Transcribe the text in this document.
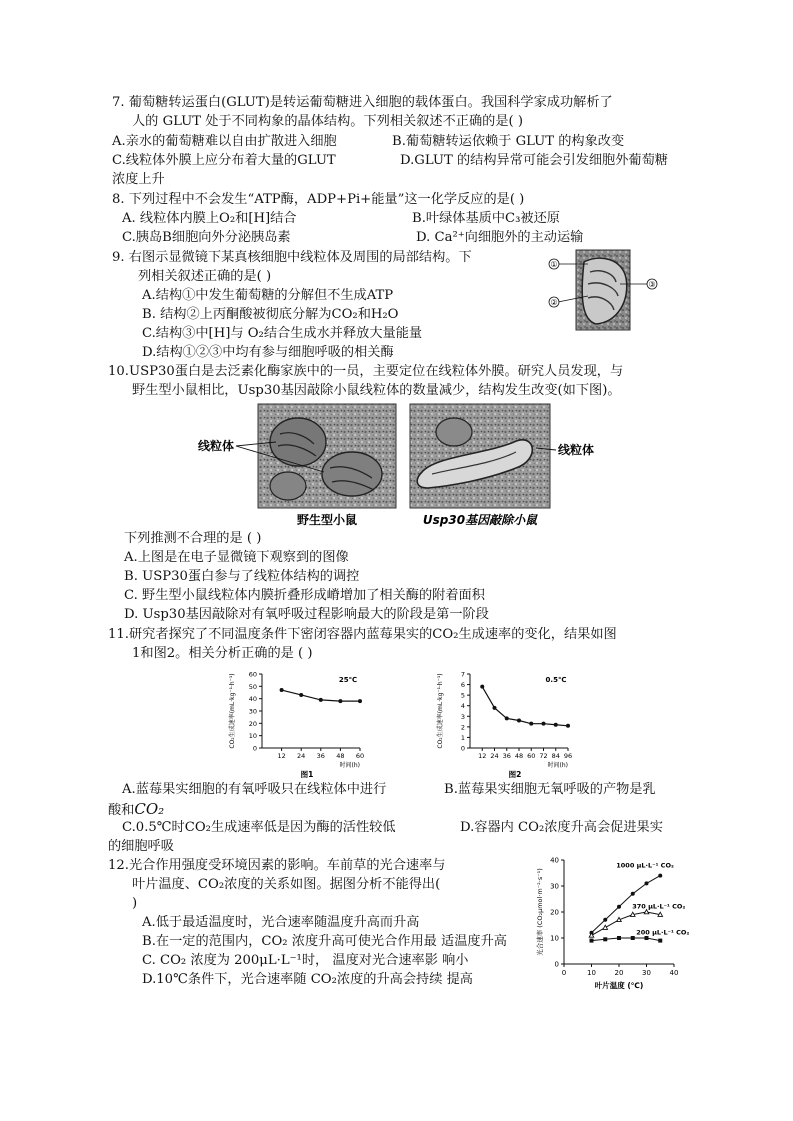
7. 葡萄糖转运蛋白(GLUT)是转运葡萄糖进入细胞的载体蛋白。我国科学家成功解析了
人的 GLUT 处于不同构象的晶体结构。下列相关叙述不正确的是( )
A.亲水的葡萄糖难以自由扩散进入细胞	B.葡萄糖转运依赖于 GLUT 的构象改变
C.线粒体外膜上应分布着大量的GLUT	D.GLUT 的结构异常可能会引发细胞外葡萄糖
浓度上升
8. 下列过程中不会发生“ATP酶，ADP+Pi+能量”这一化学反应的是( )
A. 线粒体内膜上O₂和[H]结合	B.叶绿体基质中C₃被还原
C.胰岛B细胞向外分泌胰岛素	D. Ca²⁺向细胞外的主动运输
9. 右图示显微镜下某真核细胞中线粒体及周围的局部结构。下
列相关叙述正确的是( )
A.结构①中发生葡萄糖的分解但不生成ATP
B. 结构②上丙酮酸被彻底分解为CO₂和H₂O
C.结构③中[H]与 O₂结合生成水并释放大量能量
D.结构①②③中均有参与细胞呼吸的相关酶
①
②
③
10.USP30蛋白是去泛素化酶家族中的一员，主要定位在线粒体外膜。研究人员发现，与
野生型小鼠相比，Usp30基因敲除小鼠线粒体的数量减少，结构发生改变(如下图)。
线粒体	线粒体
野生型小鼠	Usp30基因敲除小鼠
下列推测不合理的是 ( )
A.上图是在电子显微镜下观察到的图像
B. USP30蛋白参与了线粒体结构的调控
C. 野生型小鼠线粒体内膜折叠形成嵴增加了相关酶的附着面积
D. Usp30基因敲除对有氧呼吸过程影响最大的阶段是第一阶段
11.研究者探究了不同温度条件下密闭容器内蓝莓果实的CO₂生成速率的变化，结果如图
1和图2。相关分析正确的是 ( )
0
10
20
30
40
50
60
12 24 36 48 60
时间(h)
CO₂生成速率(mL·kg⁻¹·h⁻¹)	25℃
图1
0
1
2
3
4
5
6
7
12 24 36 48 60 72 84 96
时间(h)
CO₂生成速率(mL·kg⁻¹·h⁻¹)	0.5℃
图2
A.蓝莓果实细胞的有氧呼吸只在线粒体中进行	B.蓝莓果实细胞无氧呼吸的产物是乳
酸和CO₂
C.0.5℃时CO₂生成速率低是因为酶的活性较低	D.容器内 CO₂浓度升高会促进果实
的细胞呼吸
12.光合作用强度受环境因素的影响。车前草的光合速率与
叶片温度、CO₂浓度的关系如图。据图分析不能得出(
)
A.低于最适温度时，光合速率随温度升高而升高
B.在一定的范围内，CO₂ 浓度升高可使光合作用最 适温度升高
C. CO₂ 浓度为 200μL·L⁻¹时， 温度对光合速率影 响小
D.10℃条件下，光合速率随 CO₂浓度的升高会持续 提高
0
10
20
30
40
0	10	20	30	40
叶片温度 (℃)
光合速率 (CO₂μmol·m⁻²·s⁻¹)
1000 μL·L⁻¹ CO₂
370 μL·L⁻¹ CO₂
200 μL·L⁻¹ CO₂
